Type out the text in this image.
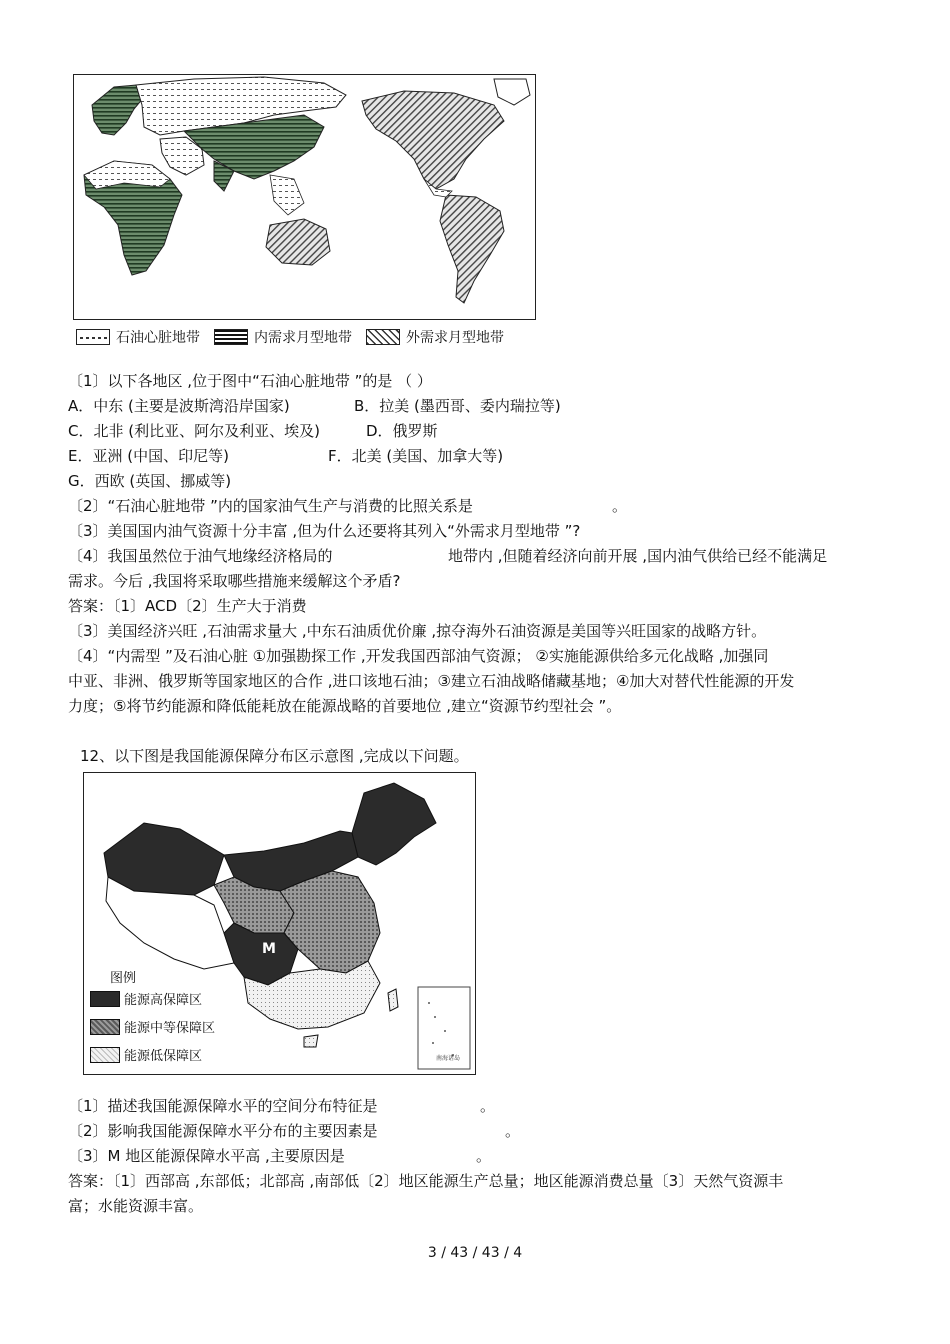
石油心脏地带	内需求月型地带	外需求月型地带
〔1〕以下各地区 ,位于图中“石油心脏地带 ”的是 （ ）
A．中东 (主要是波斯湾沿岸国家)	B．拉美 (墨西哥、委内瑞拉等)
C．北非 (利比亚、阿尔及利亚、埃及)	D．俄罗斯
E．亚洲 (中国、印尼等)	F．北美 (美国、加拿大等)
G．西欧 (英国、挪威等)
〔2〕“石油心脏地带 ”内的国家油气生产与消费的比照关系是	。
〔3〕美国国内油气资源十分丰富 ,但为什么还要将其列入“外需求月型地带 ”?
〔4〕我国虽然位于油气地缘经济格局的	地带内 ,但随着经济向前开展 ,国内油气供给已经不能满足
需求。今后 ,我国将采取哪些措施来缓解这个矛盾?
答案：〔1〕ACD〔2〕生产大于消费
〔3〕美国经济兴旺 ,石油需求量大 ,中东石油质优价廉 ,掠夺海外石油资源是美国等兴旺国家的战略方针。
〔4〕“内需型 ”及石油心脏 ①加强勘探工作 ,开发我国西部油气资源； ②实施能源供给多元化战略 ,加强同
中亚、非洲、俄罗斯等国家地区的合作 ,进口该地石油；③建立石油战略储藏基地；④加大对替代性能源的开发
力度；⑤将节约能源和降低能耗放在能源战略的首要地位 ,建立“资源节约型社会 ”。
12、以下图是我国能源保障分布区示意图 ,完成以下问题。
M
南海诸岛
图例
能源高保障区
能源中等保障区
能源低保障区
〔1〕描述我国能源保障水平的空间分布特征是	。
〔2〕影响我国能源保障水平分布的主要因素是	。
〔3〕M 地区能源保障水平高 ,主要原因是	。
答案：〔1〕西部高 ,东部低；北部高 ,南部低〔2〕地区能源生产总量；地区能源消费总量〔3〕天然气资源丰
富；水能资源丰富。
3 / 43 / 43 / 4
